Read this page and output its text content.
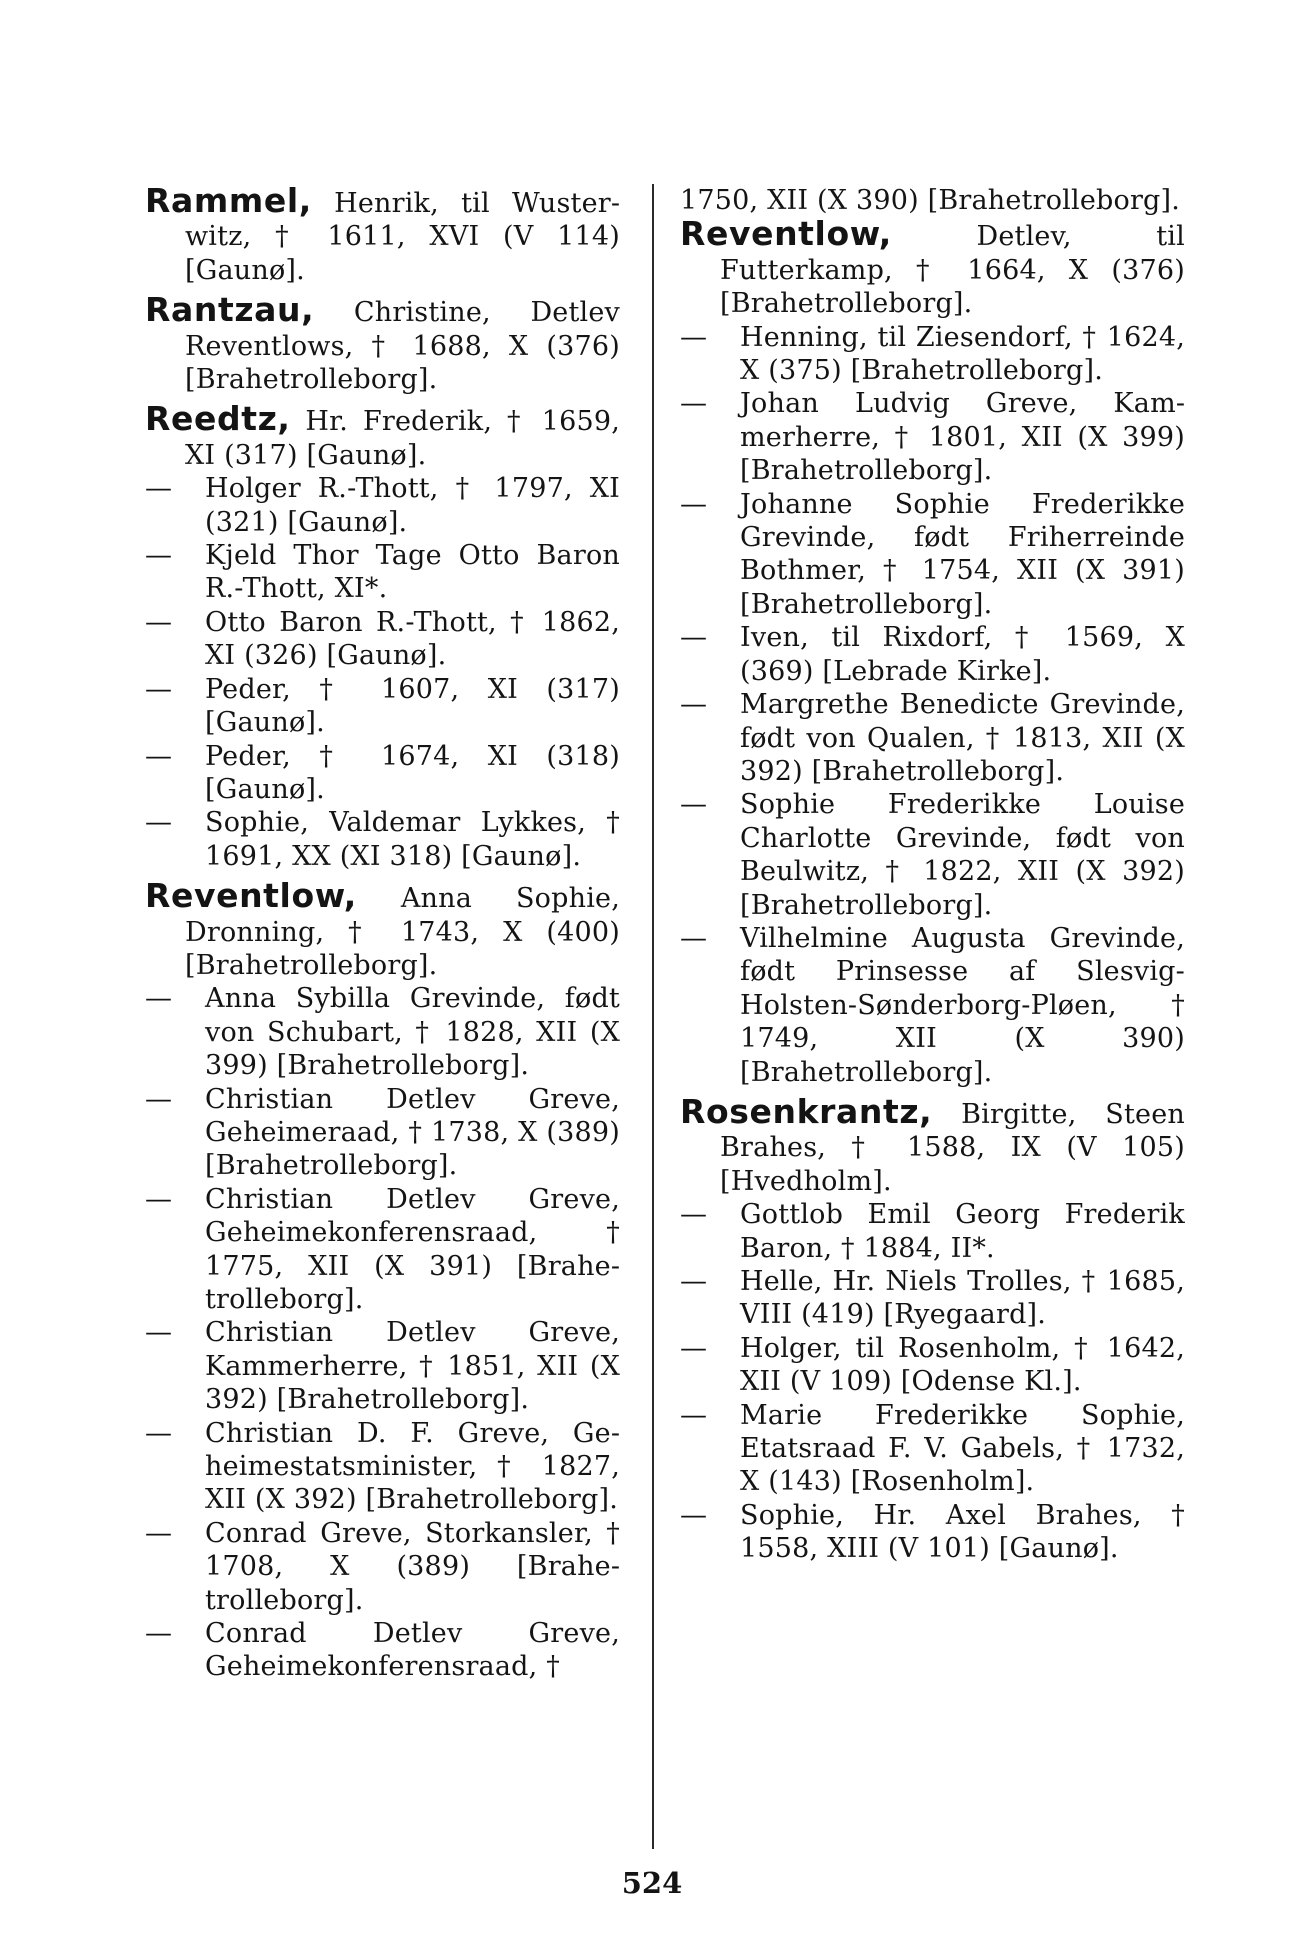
Rammel, Henrik, til Wusterwitz, † 1611, XVI (V 114) [Gaunø].
Rantzau, Christine, Detlev Reventlows, † 1688, X (376) [Brahetrolleborg].
Reedtz, Hr. Frederik, † 1659, XI (317) [Gaunø].
—	Holger R.-Thott, † 1797, XI (321) [Gaunø].
—	Kjeld Thor Tage Otto Baron R.-Thott, XI*.
—	Otto Baron R.-Thott, † 1862, XI (326) [Gaunø].
—	Peder, † 1607, XI (317) [Gaunø].
—	Peder, † 1674, XI (318) [Gaunø].
—	Sophie, Valdemar Lykkes, † 1691, XX (XI 318) [Gaunø].
Reventlow, Anna Sophie, Dronning, † 1743, X (400) [Brahetrolleborg].
—	Anna Sybilla Grevinde, født von Schubart, † 1828, XII (X 399) [Brahetrolleborg].
—	Christian Detlev Greve, Geheimeraad, † 1738, X (389) [Brahetrolleborg].
—	Christian Detlev Greve, Geheimekonferensraad, † 1775, XII (X 391) [Brahetrolleborg].
—	Christian Detlev Greve, Kammerherre, † 1851, XII (X 392) [Brahetrolleborg].
—	Christian D. F. Greve, Geheimestatsminister, † 1827, XII (X 392) [Brahetrolleborg].
—	Conrad Greve, Storkansler, † 1708, X (389) [Brahetrolleborg].
—	Conrad Detlev Greve, Geheimekonferensraad, †
1750, XII (X 390) [Brahetrolleborg].
Reventlow,	Detlev, til Futterkamp, † 1664, X (376) [Brahetrolleborg].
—	Henning, til Ziesendorf, † 1624, X (375) [Brahetrolleborg].
—	Johan Ludvig Greve, Kammerherre, † 1801, XII (X 399) [Brahetrolleborg].
—	Johanne Sophie Frederikke Grevinde, født Friherreinde Bothmer, † 1754, XII (X 391) [Brahetrolleborg].
—	Iven, til Rixdorf, † 1569, X (369) [Lebrade Kirke].
—	Margrethe Benedicte Grevinde, født von Qualen, † 1813, XII (X 392) [Brahetrolleborg].
—	Sophie Frederikke Louise Charlotte Grevinde, født von Beulwitz, † 1822, XII (X 392) [Brahetrolleborg].
—	Vilhelmine Augusta Grevinde, født Prinsesse af Slesvig-Holsten-Sønderborg-Pløen, † 1749, XII (X 390) [Brahetrolleborg].
Rosenkrantz, Birgitte, Steen Brahes, † 1588, IX (V 105) [Hvedholm].
—	Gottlob Emil Georg Frederik Baron, † 1884, II*.
—	Helle, Hr. Niels Trolles, † 1685, VIII (419) [Ryegaard].
—	Holger, til Rosenholm, † 1642, XII (V 109) [Odense Kl.].
—	Marie Frederikke Sophie, Etatsraad F. V. Gabels, † 1732, X (143) [Rosenholm].
—	Sophie, Hr. Axel Brahes, † 1558, XIII (V 101) [Gaunø].
524
